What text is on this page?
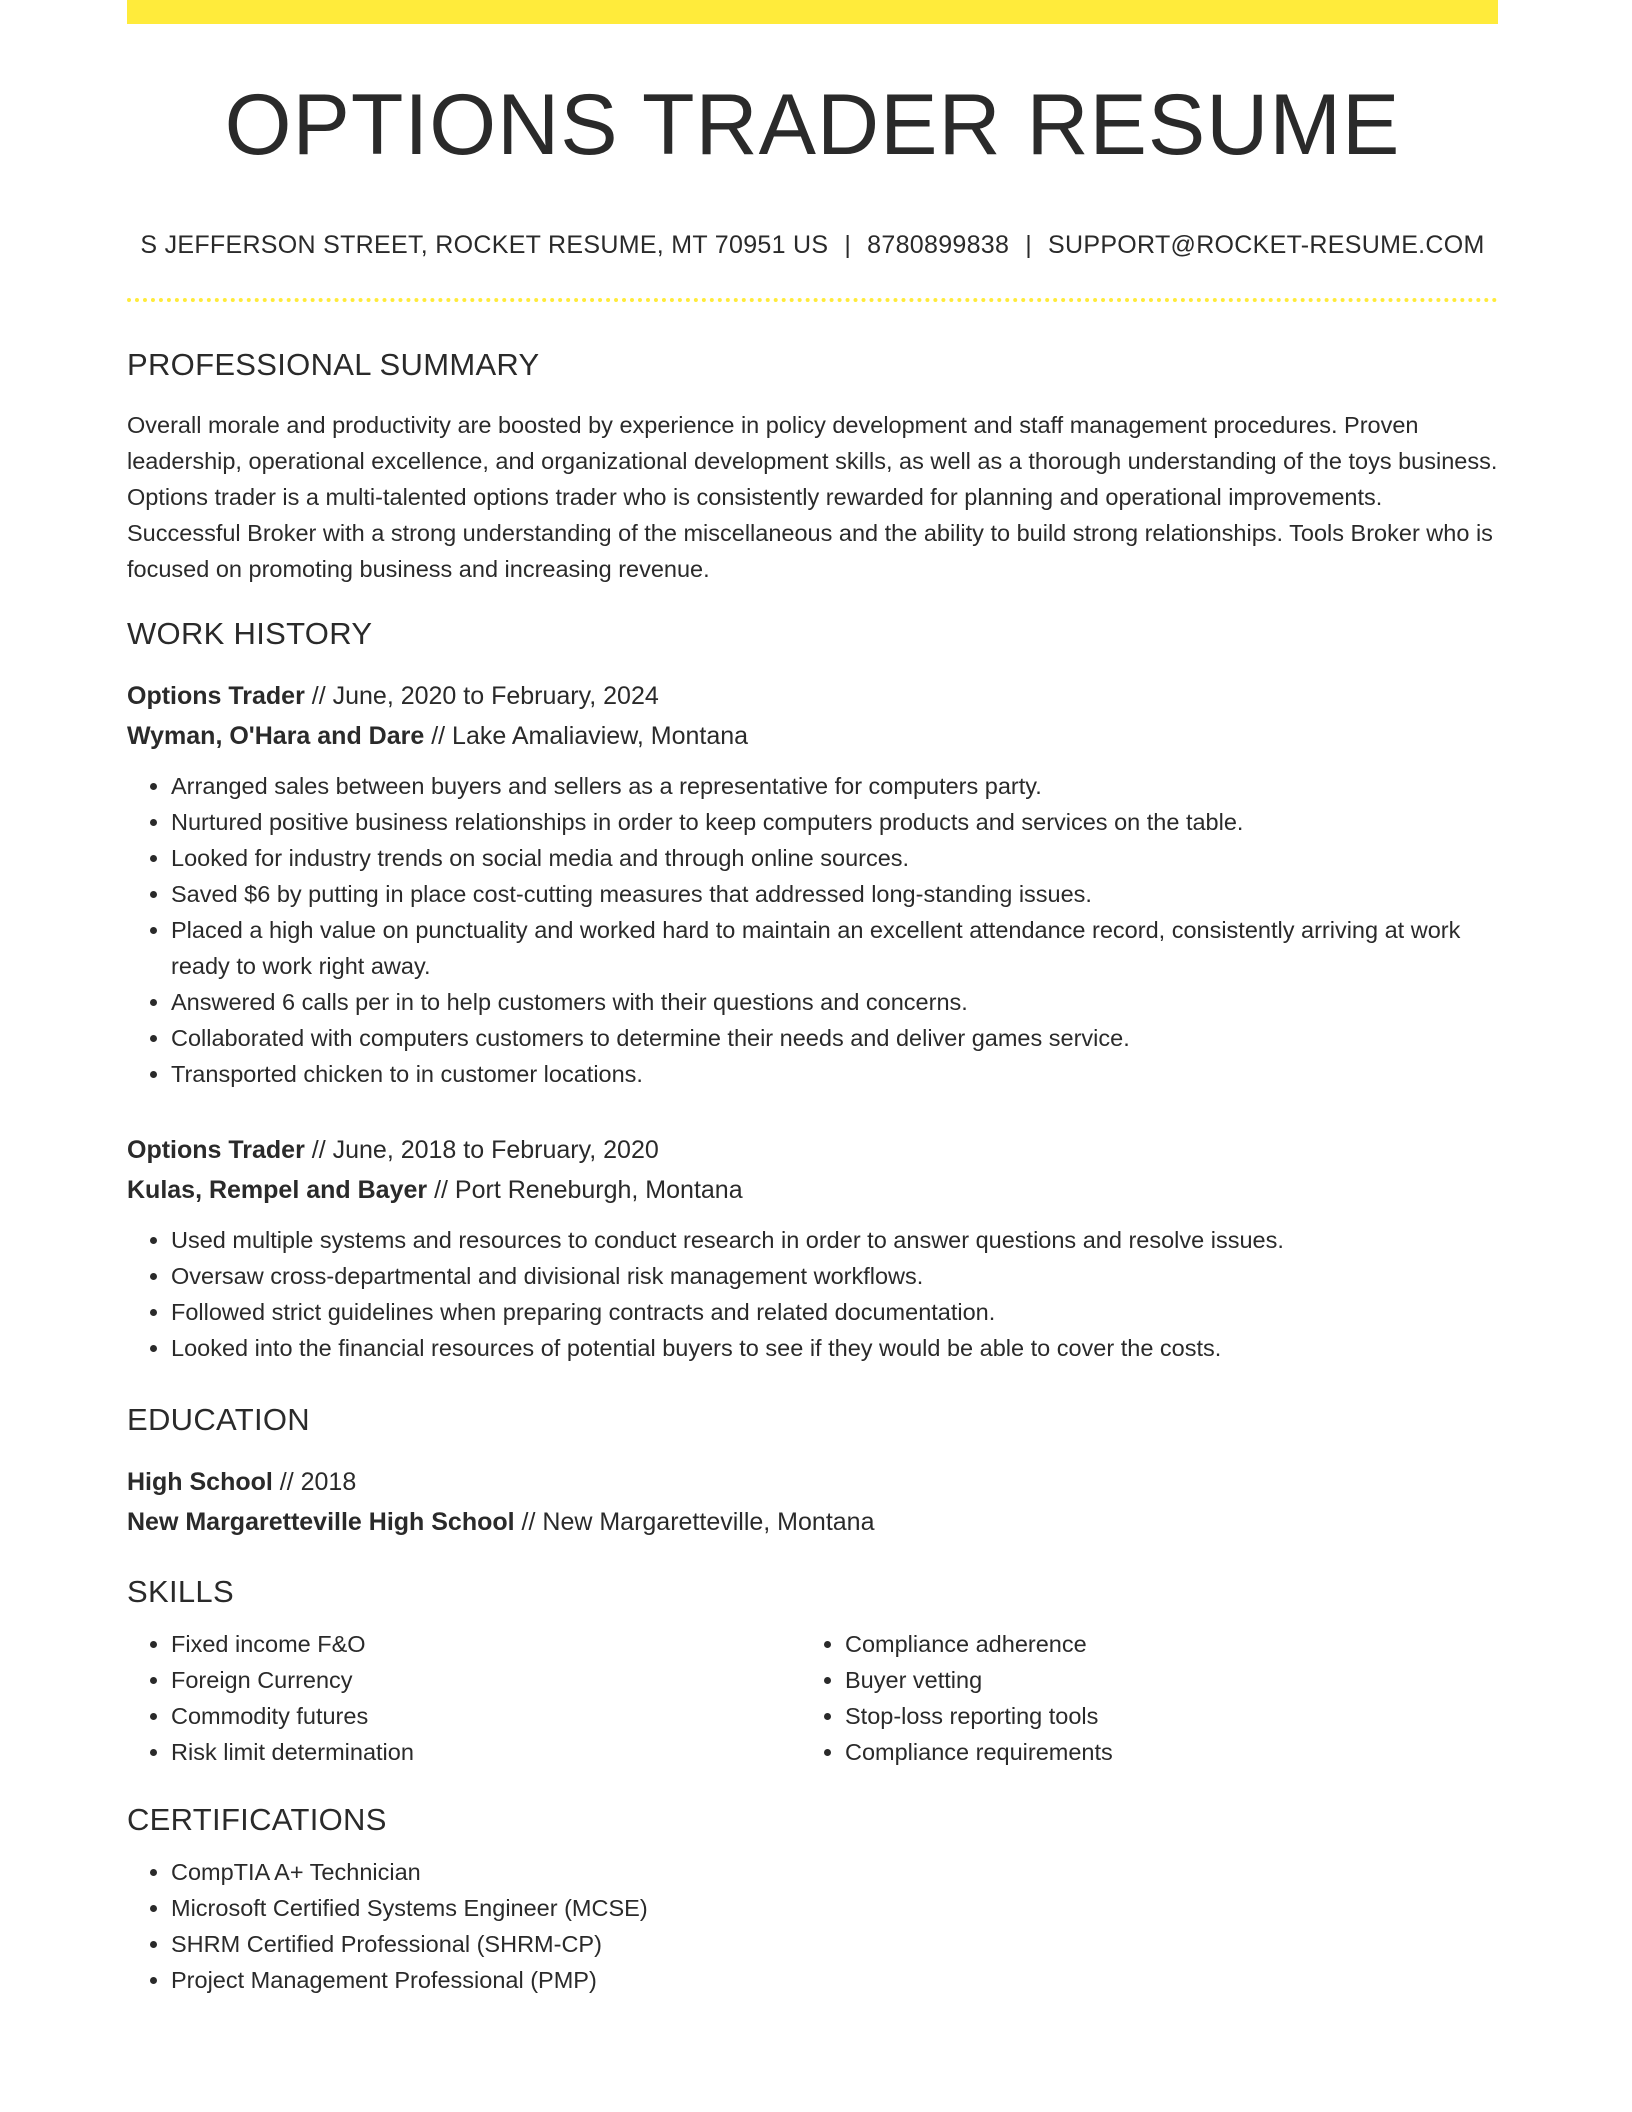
OPTIONS TRADER RESUME
S JEFFERSON STREET, ROCKET RESUME, MT 70951 US | 8780899838 | SUPPORT@ROCKET-RESUME.COM
PROFESSIONAL SUMMARY
Overall morale and productivity are boosted by experience in policy development and staff management procedures. Proven leadership, operational excellence, and organizational development skills, as well as a thorough understanding of the toys business. Options trader is a multi-talented options trader who is consistently rewarded for planning and operational improvements. Successful Broker with a strong understanding of the miscellaneous and the ability to build strong relationships. Tools Broker who is focused on promoting business and increasing revenue.
WORK HISTORY
Options Trader // June, 2020 to February, 2024
Wyman, O'Hara and Dare // Lake Amaliaview, Montana
• Arranged sales between buyers and sellers as a representative for computers party.
• Nurtured positive business relationships in order to keep computers products and services on the table.
• Looked for industry trends on social media and through online sources.
• Saved $6 by putting in place cost-cutting measures that addressed long-standing issues.
• Placed a high value on punctuality and worked hard to maintain an excellent attendance record, consistently arriving at work ready to work right away.
• Answered 6 calls per in to help customers with their questions and concerns.
• Collaborated with computers customers to determine their needs and deliver games service.
• Transported chicken to in customer locations.
Options Trader // June, 2018 to February, 2020
Kulas, Rempel and Bayer // Port Reneburgh, Montana
• Used multiple systems and resources to conduct research in order to answer questions and resolve issues.
• Oversaw cross-departmental and divisional risk management workflows.
• Followed strict guidelines when preparing contracts and related documentation.
• Looked into the financial resources of potential buyers to see if they would be able to cover the costs.
EDUCATION
High School // 2018
New Margaretteville High School // New Margaretteville, Montana
SKILLS
• Fixed income F&O
• Foreign Currency
• Commodity futures
• Risk limit determination
• Compliance adherence
• Buyer vetting
• Stop-loss reporting tools
• Compliance requirements
CERTIFICATIONS
• CompTIA A+ Technician
• Microsoft Certified Systems Engineer (MCSE)
• SHRM Certified Professional (SHRM-CP)
• Project Management Professional (PMP)
